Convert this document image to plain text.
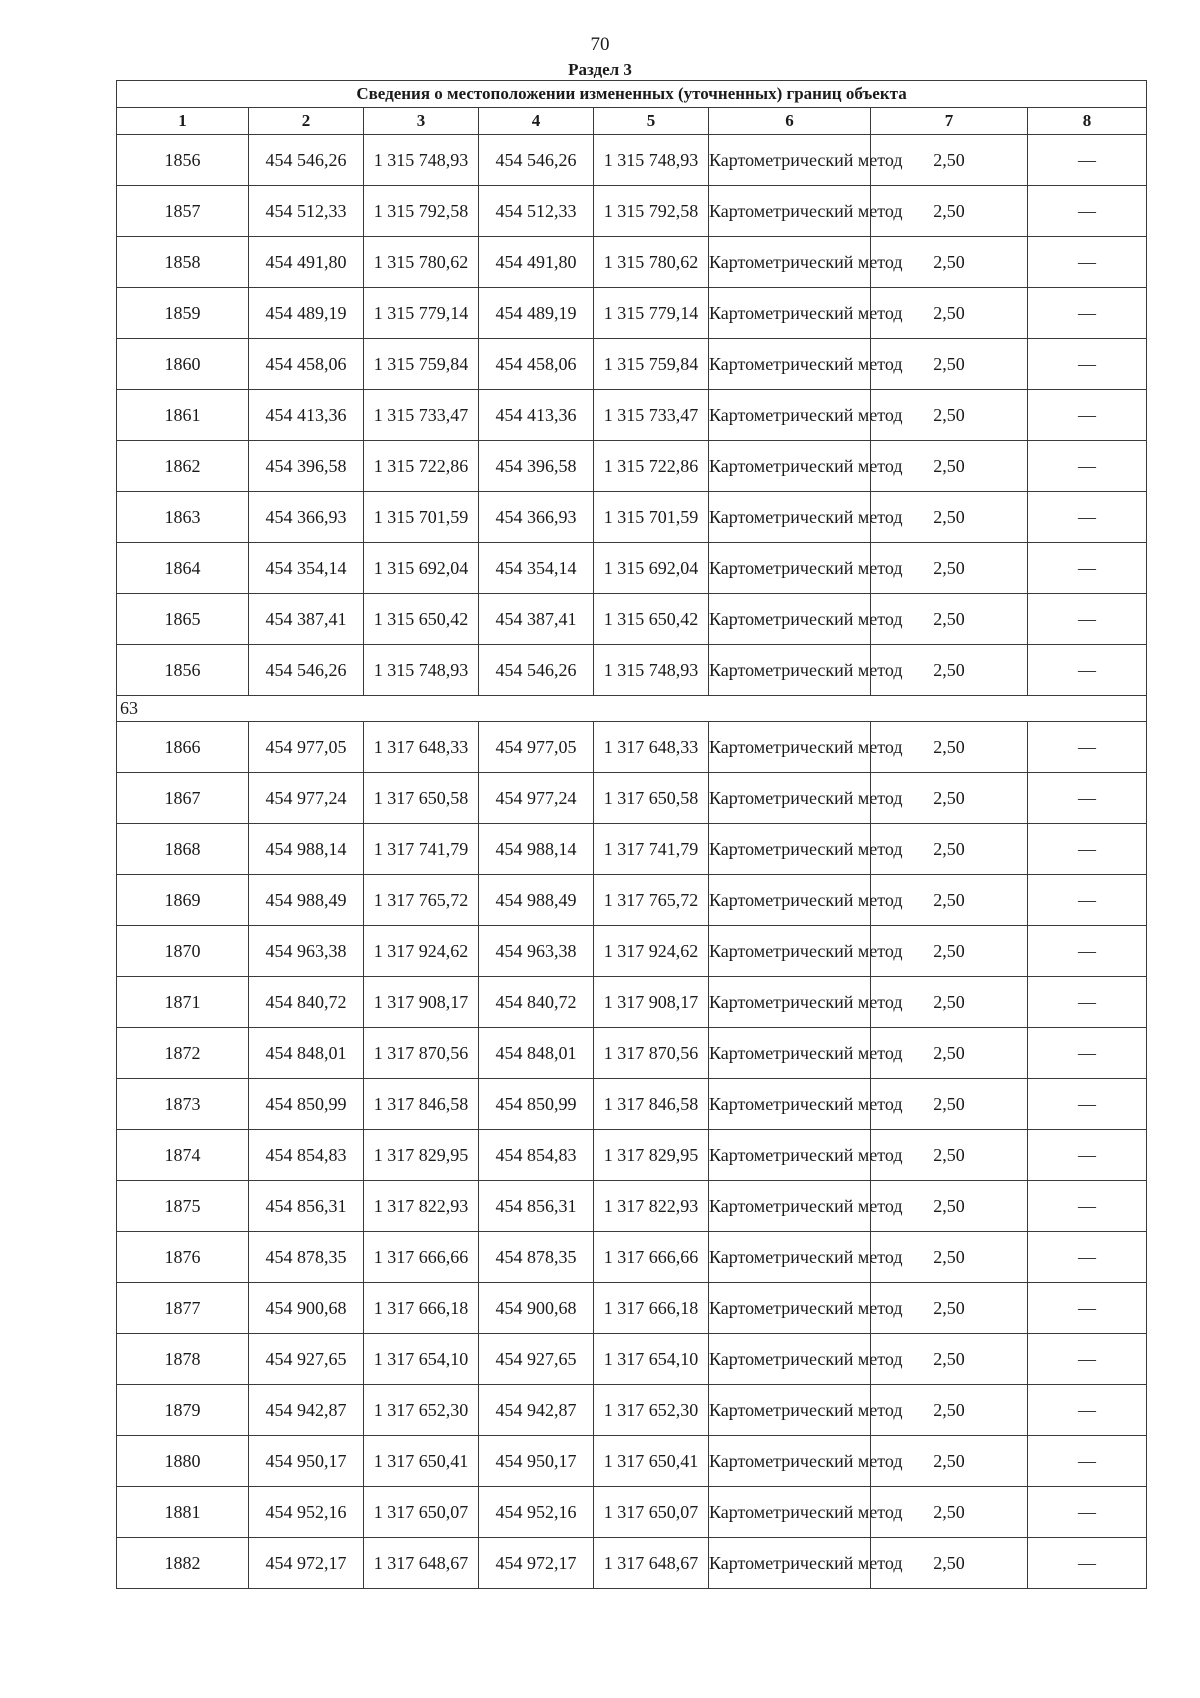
70
Раздел 3
Сведения о местоположении измененных (уточненных) границ объекта							
1	2	3	4	5	6	7	8
1856	454 546,26	1 315 748,93	454 546,26	1 315 748,93	Картометрический метод	2,50	—
1857	454 512,33	1 315 792,58	454 512,33	1 315 792,58	Картометрический метод	2,50	—
1858	454 491,80	1 315 780,62	454 491,80	1 315 780,62	Картометрический метод	2,50	—
1859	454 489,19	1 315 779,14	454 489,19	1 315 779,14	Картометрический метод	2,50	—
1860	454 458,06	1 315 759,84	454 458,06	1 315 759,84	Картометрический метод	2,50	—
1861	454 413,36	1 315 733,47	454 413,36	1 315 733,47	Картометрический метод	2,50	—
1862	454 396,58	1 315 722,86	454 396,58	1 315 722,86	Картометрический метод	2,50	—
1863	454 366,93	1 315 701,59	454 366,93	1 315 701,59	Картометрический метод	2,50	—
1864	454 354,14	1 315 692,04	454 354,14	1 315 692,04	Картометрический метод	2,50	—
1865	454 387,41	1 315 650,42	454 387,41	1 315 650,42	Картометрический метод	2,50	—
1856	454 546,26	1 315 748,93	454 546,26	1 315 748,93	Картометрический метод	2,50	—
63							
1866	454 977,05	1 317 648,33	454 977,05	1 317 648,33	Картометрический метод	2,50	—
1867	454 977,24	1 317 650,58	454 977,24	1 317 650,58	Картометрический метод	2,50	—
1868	454 988,14	1 317 741,79	454 988,14	1 317 741,79	Картометрический метод	2,50	—
1869	454 988,49	1 317 765,72	454 988,49	1 317 765,72	Картометрический метод	2,50	—
1870	454 963,38	1 317 924,62	454 963,38	1 317 924,62	Картометрический метод	2,50	—
1871	454 840,72	1 317 908,17	454 840,72	1 317 908,17	Картометрический метод	2,50	—
1872	454 848,01	1 317 870,56	454 848,01	1 317 870,56	Картометрический метод	2,50	—
1873	454 850,99	1 317 846,58	454 850,99	1 317 846,58	Картометрический метод	2,50	—
1874	454 854,83	1 317 829,95	454 854,83	1 317 829,95	Картометрический метод	2,50	—
1875	454 856,31	1 317 822,93	454 856,31	1 317 822,93	Картометрический метод	2,50	—
1876	454 878,35	1 317 666,66	454 878,35	1 317 666,66	Картометрический метод	2,50	—
1877	454 900,68	1 317 666,18	454 900,68	1 317 666,18	Картометрический метод	2,50	—
1878	454 927,65	1 317 654,10	454 927,65	1 317 654,10	Картометрический метод	2,50	—
1879	454 942,87	1 317 652,30	454 942,87	1 317 652,30	Картометрический метод	2,50	—
1880	454 950,17	1 317 650,41	454 950,17	1 317 650,41	Картометрический метод	2,50	—
1881	454 952,16	1 317 650,07	454 952,16	1 317 650,07	Картометрический метод	2,50	—
1882	454 972,17	1 317 648,67	454 972,17	1 317 648,67	Картометрический метод	2,50	—
